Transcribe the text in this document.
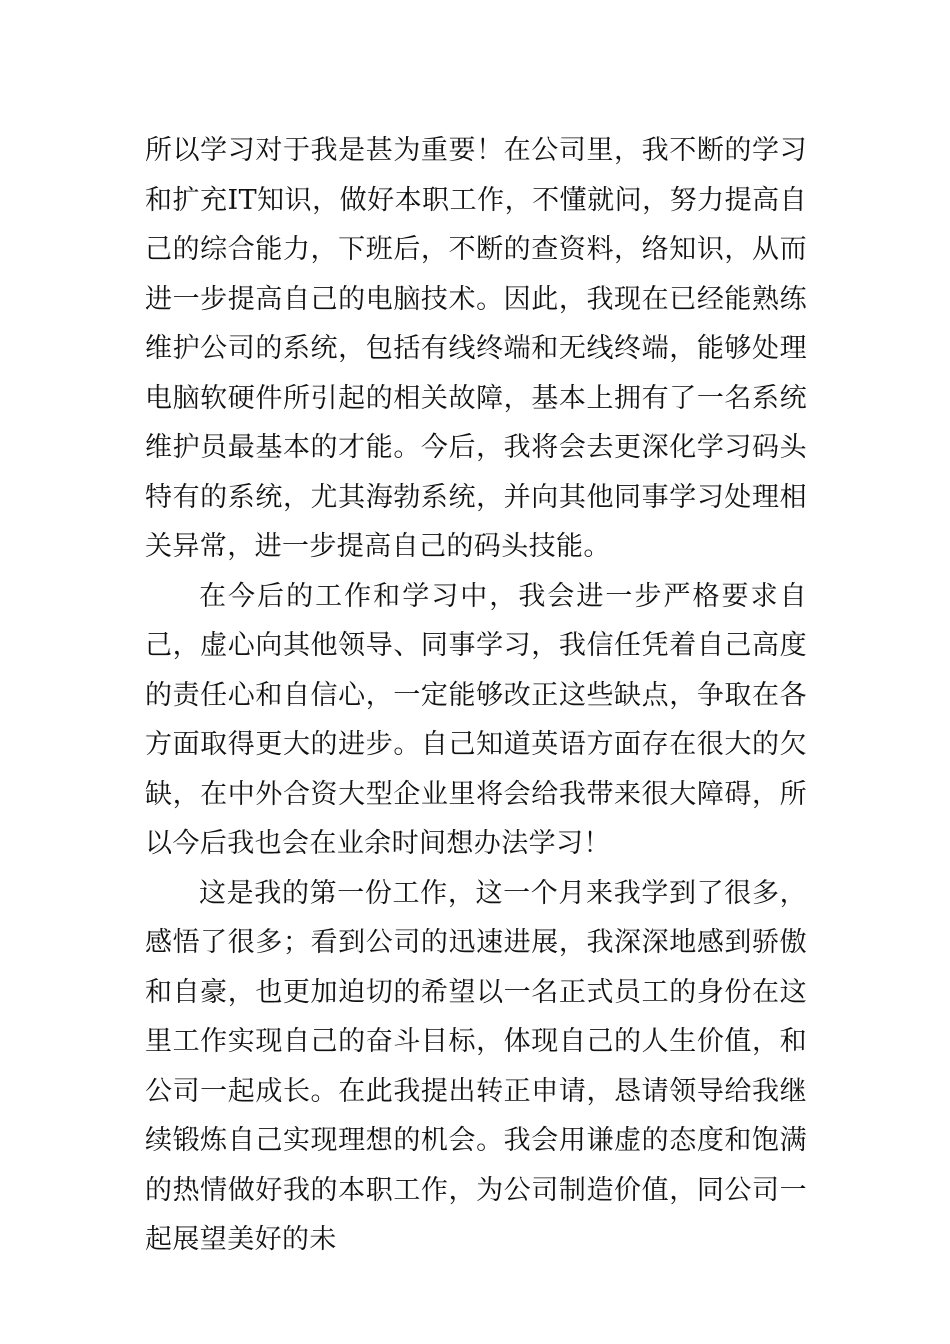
所以学习对于我是甚为重要！在公司里，我不断的学习和扩充IT知识，做好本职工作，不懂就问，努力提高自己的综合能力，下班后，不断的查资料，络知识，从而进一步提高自己的电脑技术。因此，我现在已经能熟练维护公司的系统，包括有线终端和无线终端，能够处理电脑软硬件所引起的相关故障，基本上拥有了一名系统维护员最基本的才能。今后，我将会去更深化学习码头特有的系统，尤其海勃系统，并向其他同事学习处理相关异常，进一步提高自己的码头技能。

在今后的工作和学习中，我会进一步严格要求自己，虚心向其他领导、同事学习，我信任凭着自己高度的责任心和自信心，一定能够改正这些缺点，争取在各方面取得更大的进步。自己知道英语方面存在很大的欠缺，在中外合资大型企业里将会给我带来很大障碍，所以今后我也会在业余时间想办法学习！

这是我的第一份工作，这一个月来我学到了很多，感悟了很多；看到公司的迅速进展，我深深地感到骄傲和自豪，也更加迫切的希望以一名正式员工的身份在这里工作实现自己的奋斗目标，体现自己的人生价值，和公司一起成长。在此我提出转正申请，恳请领导给我继续锻炼自己实现理想的机会。我会用谦虚的态度和饱满的热情做好我的本职工作，为公司制造价值，同公司一起展望美好的未
